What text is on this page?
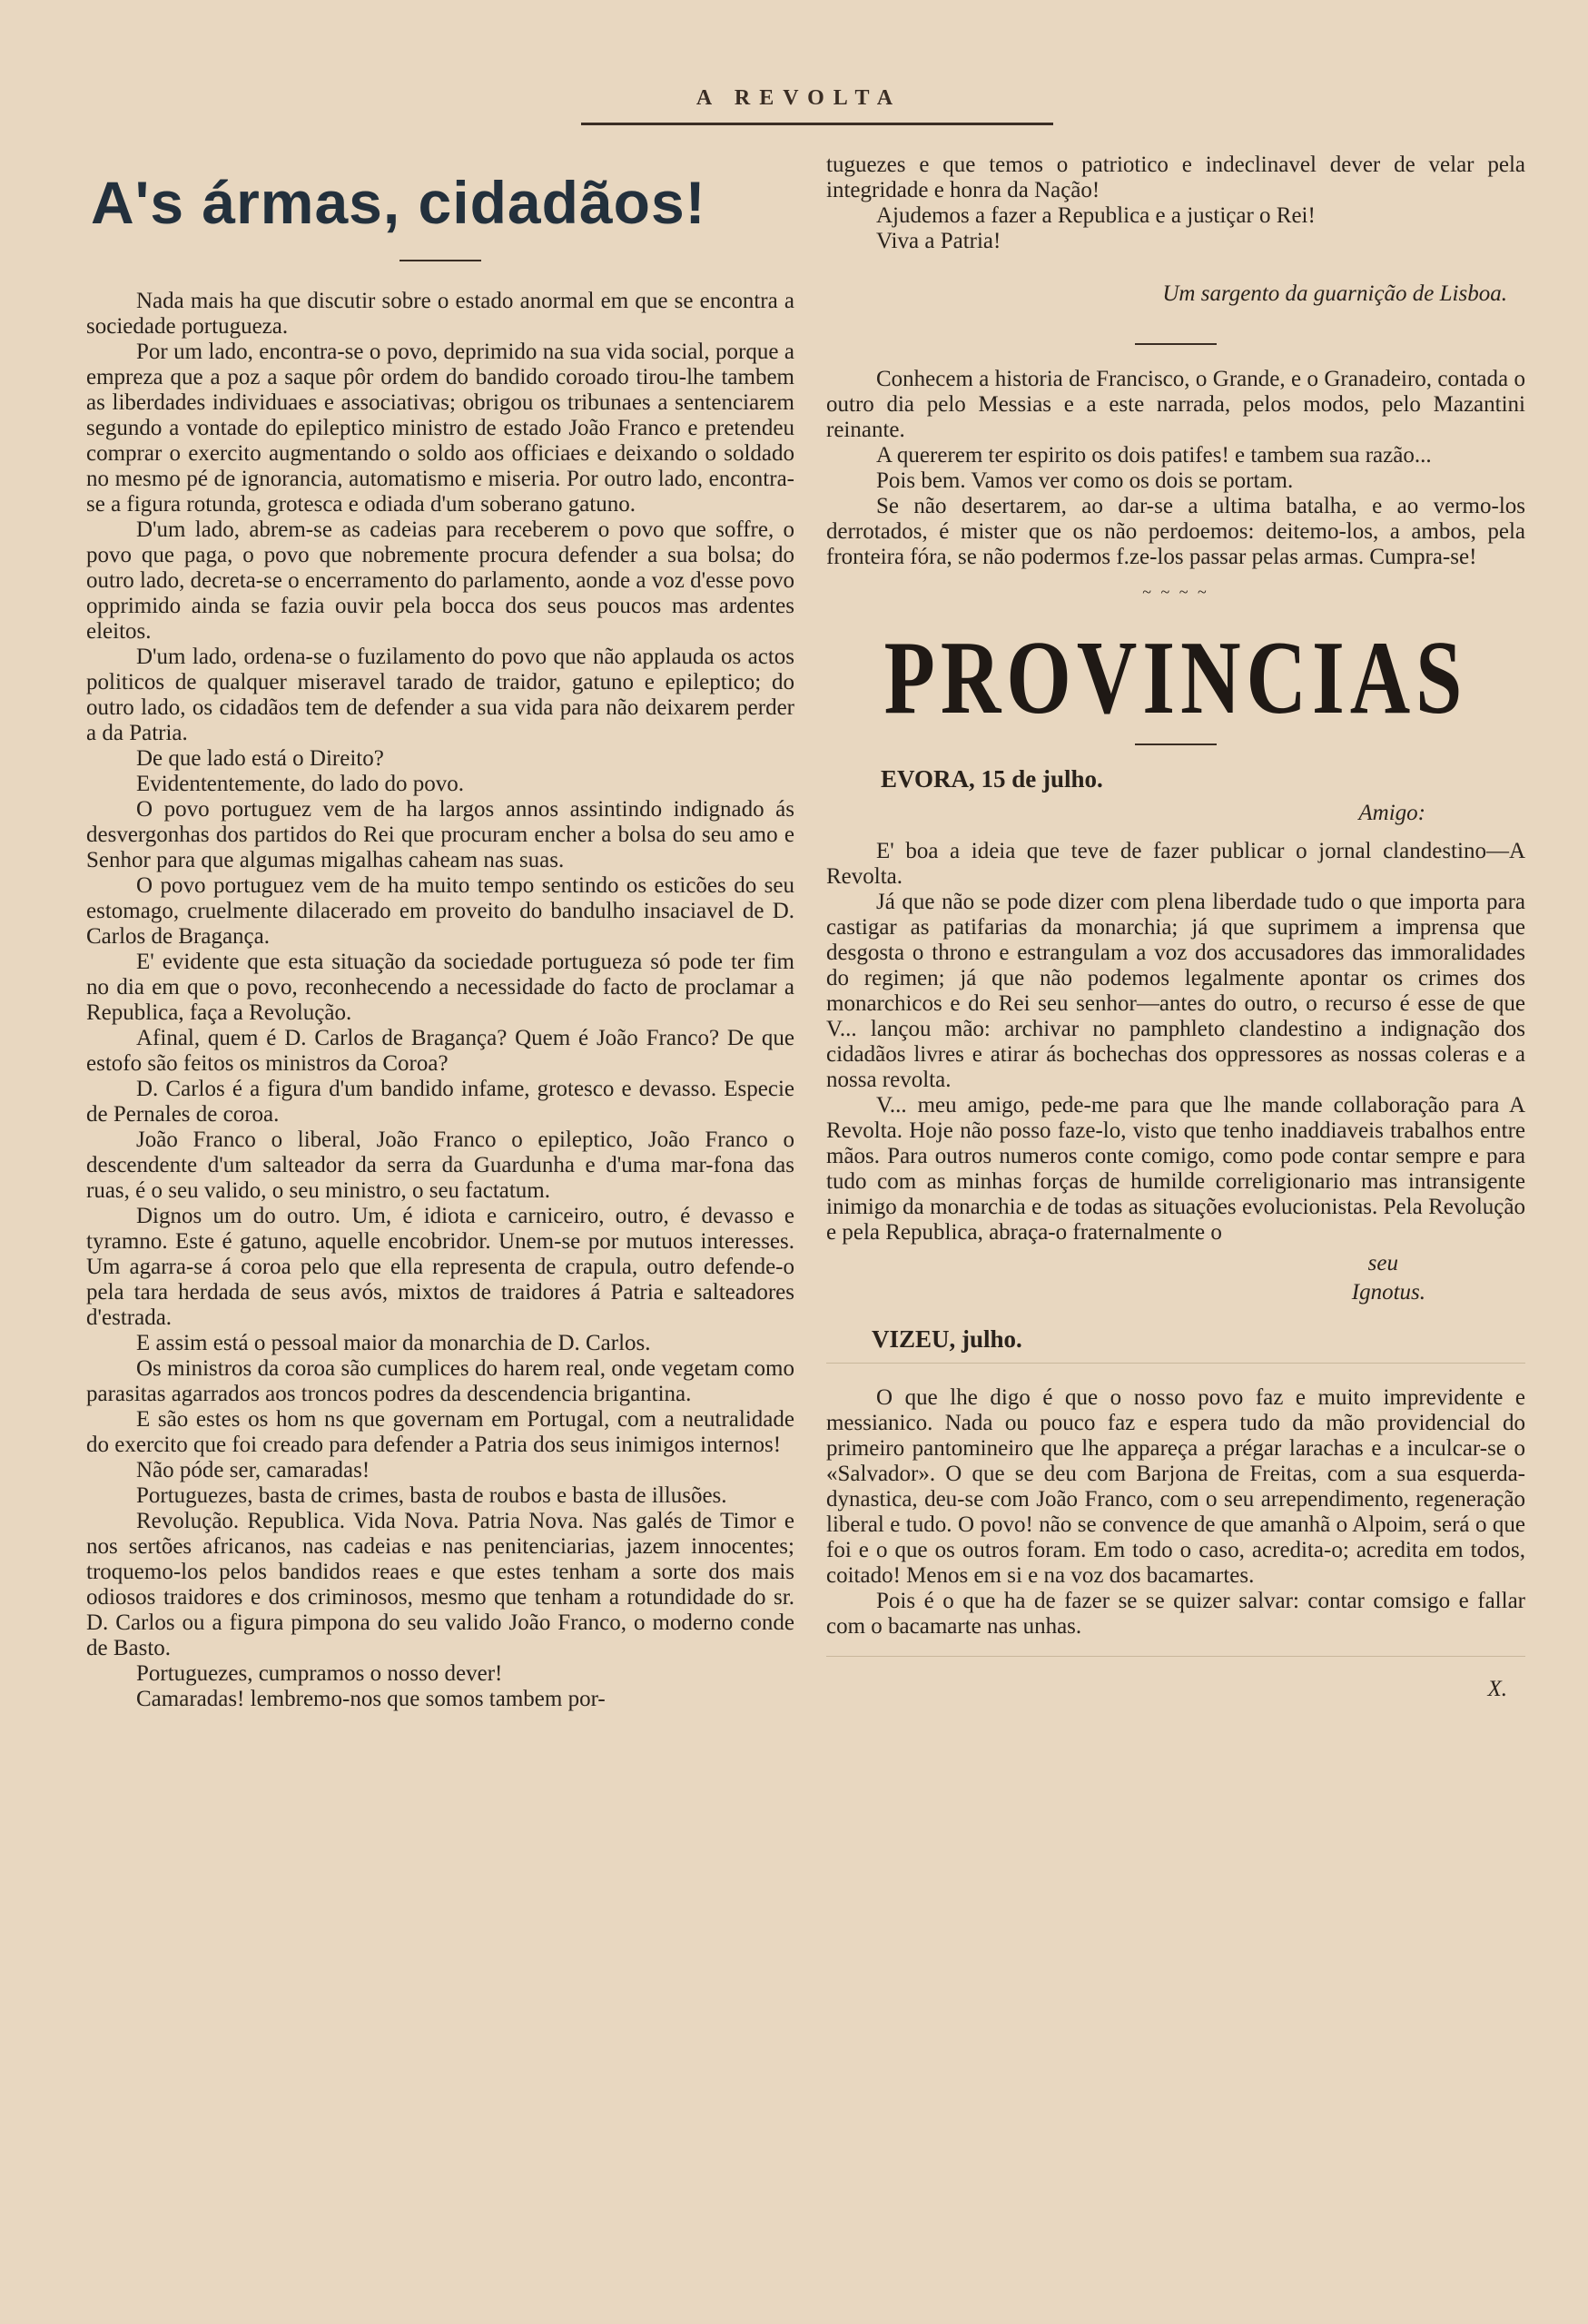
A REVOLTA
A's ármas, cidadãos!

Nada mais ha que discutir sobre o estado anormal em que se encontra a sociedade portugueza.

Por um lado, encontra-se o povo, deprimido na sua vida social, porque a empreza que a poz a saque pôr ordem do bandido coroado tirou-lhe tambem as liberdades individuaes e associativas; obrigou os tribunaes a sentenciarem segundo a vontade do epileptico ministro de estado João Franco e pretendeu comprar o exercito augmentando o soldo aos officiaes e deixando o soldado no mesmo pé de ignorancia, automatismo e miseria. Por outro lado, encontra-se a figura rotunda, grotesca e odiada d'um soberano gatuno.

D'um lado, abrem-se as cadeias para receberem o povo que soffre, o povo que paga, o povo que nobremente procura defender a sua bolsa; do outro lado, decreta-se o encerramento do parlamento, aonde a voz d'esse povo opprimido ainda se fazia ouvir pela bocca dos seus poucos mas ardentes eleitos.

D'um lado, ordena-se o fuzilamento do povo que não applauda os actos politicos de qualquer miseravel tarado de traidor, gatuno e epileptico; do outro lado, os cidadãos tem de defender a sua vida para não deixarem perder a da Patria.

De que lado está o Direito?

Evidententemente, do lado do povo.

O povo portuguez vem de ha largos annos assintindo indignado ás desvergonhas dos partidos do Rei que procuram encher a bolsa do seu amo e Senhor para que algumas migalhas caheam nas suas.

O povo portuguez vem de ha muito tempo sentindo os esticões do seu estomago, cruelmente dilacerado em proveito do bandulho insaciavel de D. Carlos de Bragança.

E' evidente que esta situação da sociedade portugueza só pode ter fim no dia em que o povo, reconhecendo a necessidade do facto de proclamar a Republica, faça a Revolução.

Afinal, quem é D. Carlos de Bragança? Quem é João Franco? De que estofo são feitos os ministros da Coroa?

D. Carlos é a figura d'um bandido infame, grotesco e devasso. Especie de Pernales de coroa.

João Franco o liberal, João Franco o epileptico, João Franco o descendente d'um salteador da serra da Guardunha e d'uma mar-fona das ruas, é o seu valido, o seu ministro, o seu factatum.

Dignos um do outro. Um, é idiota e carniceiro, outro, é devasso e tyramno. Este é gatuno, aquelle encobridor. Unem-se por mutuos interesses. Um agarra-se á coroa pelo que ella representa de crapula, outro defende-o pela tara herdada de seus avós, mixtos de traidores á Patria e salteadores d'estrada.

E assim está o pessoal maior da monarchia de D. Carlos.

Os ministros da coroa são cumplices do harem real, onde vegetam como parasitas agarrados aos troncos podres da descendencia brigantina.

E são estes os hom ns que governam em Portugal, com a neutralidade do exercito que foi creado para defender a Patria dos seus inimigos internos!

Não póde ser, camaradas!

Portuguezes, basta de crimes, basta de roubos e basta de illusões.

Revolução. Republica. Vida Nova. Patria Nova. Nas galés de Timor e nos sertões africanos, nas cadeias e nas penitenciarias, jazem innocentes; troquemo-los pelos bandidos reaes e que estes tenham a sorte dos mais odiosos traidores e dos criminosos, mesmo que tenham a rotundidade do sr. D. Carlos ou a figura pimpona do seu valido João Franco, o moderno conde de Basto.

Portuguezes, cumpramos o nosso dever!

Camaradas! lembremo-nos que somos tambem por-

tuguezes e que temos o patriotico e indeclinavel dever de velar pela integridade e honra da Nação!

Ajudemos a fazer a Republica e a justiçar o Rei!

Viva a Patria!

Um sargento da guarnição de Lisboa.

Conhecem a historia de Francisco, o Grande, e o Granadeiro, contada o outro dia pelo Messias e a este narrada, pelos modos, pelo Mazantini reinante.

A quererem ter espirito os dois patifes! e tambem sua razão...

Pois bem. Vamos ver como os dois se portam.

Se não desertarem, ao dar-se a ultima batalha, e ao vermo-los derrotados, é mister que os não perdoemos: deitemo-los, a ambos, pela fronteira fóra, se não podermos f.ze-los passar pelas armas. Cumpra-se!

~ ~ ~ ~
PROVINCIAS
EVORA, 15 de julho.
Amigo:

E' boa a ideia que teve de fazer publicar o jornal clandestino—A Revolta.

Já que não se pode dizer com plena liberdade tudo o que importa para castigar as patifarias da monarchia; já que suprimem a imprensa que desgosta o throno e estrangulam a voz dos accusadores das immoralidades do regimen; já que não podemos legalmente apontar os crimes dos monarchicos e do Rei seu senhor—antes do outro, o recurso é esse de que V... lançou mão: archivar no pamphleto clandestino a indignação dos cidadãos livres e atirar ás bochechas dos oppressores as nossas coleras e a nossa revolta.

V... meu amigo, pede-me para que lhe mande collaboração para A Revolta. Hoje não posso faze-lo, visto que tenho inaddiaveis trabalhos entre mãos. Para outros numeros conte comigo, como pode contar sempre e para tudo com as minhas forças de humilde correligionario mas intransigente inimigo da monarchia e de todas as situações evolucionistas. Pela Revolução e pela Republica, abraça-o fraternalmente o

seu
Ignotus.
VIZEU, julho.

O que lhe digo é que o nosso povo faz e muito imprevidente e messianico. Nada ou pouco faz e espera tudo da mão providencial do primeiro pantomineiro que lhe appareça a prégar larachas e a inculcar-se o «Salvador». O que se deu com Barjona de Freitas, com a sua esquerda-dynastica, deu-se com João Franco, com o seu arrependimento, regeneração liberal e tudo. O povo! não se convence de que amanhã o Alpoim, será o que foi e o que os outros foram. Em todo o caso, acredita-o; acredita em todos, coitado! Menos em si e na voz dos bacamartes.

Pois é o que ha de fazer se se quizer salvar: contar comsigo e fallar com o bacamarte nas unhas.

X.
